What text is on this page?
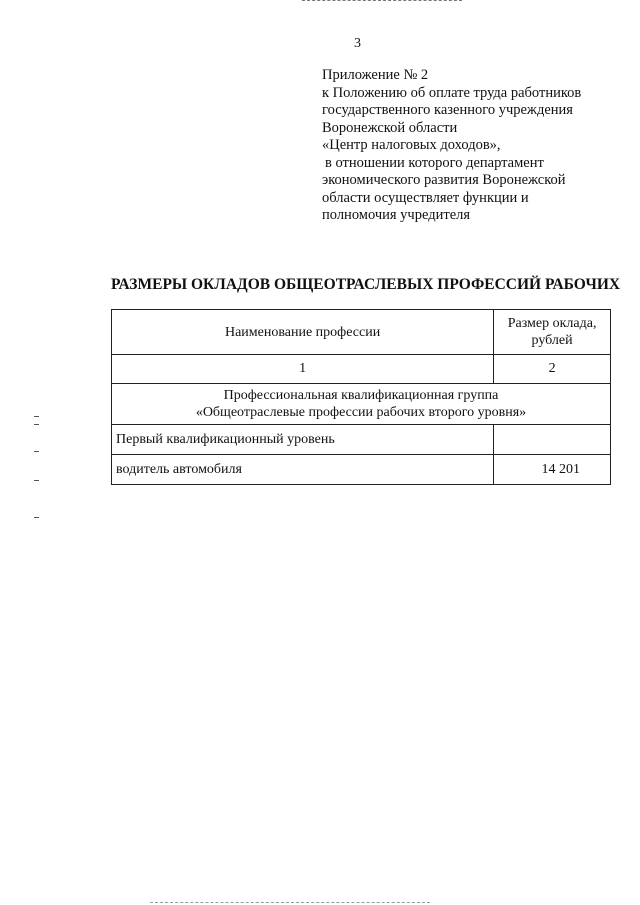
3
Приложение № 2
к Положению об оплате труда работников
государственного казенного учреждения
Воронежской области
«Центр налоговых доходов»,
в отношении которого департамент
экономического развития Воронежской
области осуществляет функции и
полномочия учредителя
РАЗМЕРЫ ОКЛАДОВ ОБЩЕОТРАСЛЕВЫХ ПРОФЕССИЙ РАБОЧИХ
Наименование профессии	Размер оклада,
рублей
1	2
Профессиональная квалификационная группа
«Общеотраслевые профессии рабочих второго уровня»	
Первый квалификационный уровень	
водитель автомобиля	14 201
